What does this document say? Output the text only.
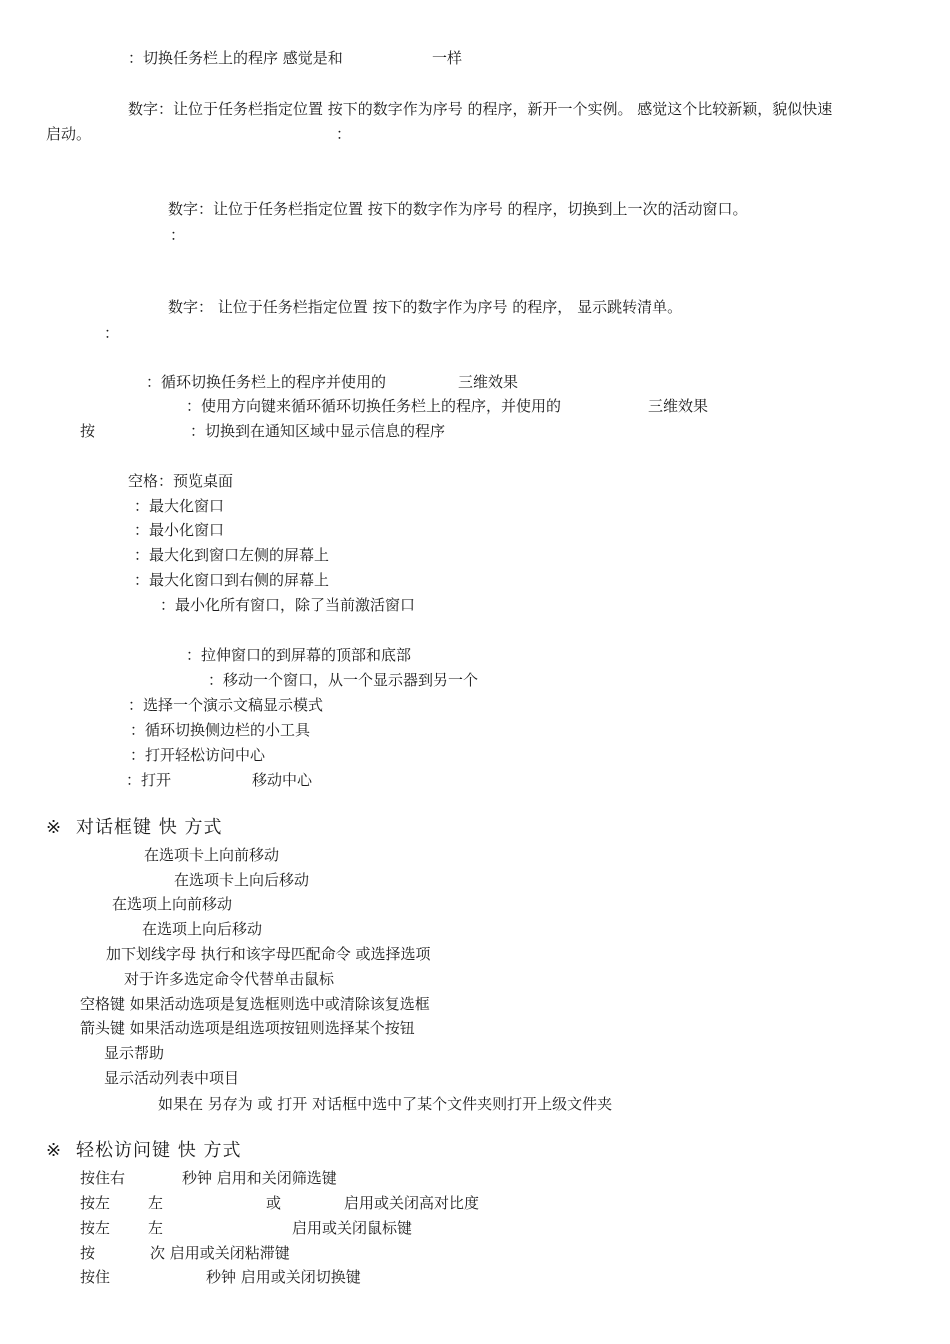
：切换任务栏上的程序 感觉是和	一样
数字：让位于任务栏指定位置 按下的数字作为序号 的程序，新开一个实例。 感觉这个比较新颖，貌似快速
启动。	：
数字：让位于任务栏指定位置 按下的数字作为序号 的程序，切换到上一次的活动窗口。
：
数字： 让位于任务栏指定位置 按下的数字作为序号 的程序， 显示跳转清单。
：
：循环切换任务栏上的程序并使用的	三维效果
：使用方向键来循环循环切换任务栏上的程序，并使用的	三维效果
按	：切换到在通知区域中显示信息的程序
空格：预览桌面
：最大化窗口
：最小化窗口
：最大化到窗口左侧的屏幕上
：最大化窗口到右侧的屏幕上
：最小化所有窗口，除了当前激活窗口
：拉伸窗口的到屏幕的顶部和底部
：移动一个窗口，从一个显示器到另一个
：选择一个演示文稿显示模式
：循环切换侧边栏的小工具
：打开轻松访问中心
：打开	移动中心
※ 对话框键 快 方式
在选项卡上向前移动
在选项卡上向后移动
在选项上向前移动
在选项上向后移动
加下划线字母 执行和该字母匹配命令 或选择选项
对于许多选定命令代替单击鼠标
空格键 如果活动选项是复选框则选中或清除该复选框
箭头键 如果活动选项是组选项按钮则选择某个按钮
显示帮助
显示活动列表中项目
如果在 另存为 或 打开 对话框中选中了某个文件夹则打开上级文件夹
※ 轻松访问键 快 方式
按住右	秒钟 启用和关闭筛选键
按左	左	或	启用或关闭高对比度
按左	左	启用或关闭鼠标键
按	次 启用或关闭粘滞键
按住	秒钟 启用或关闭切换键
